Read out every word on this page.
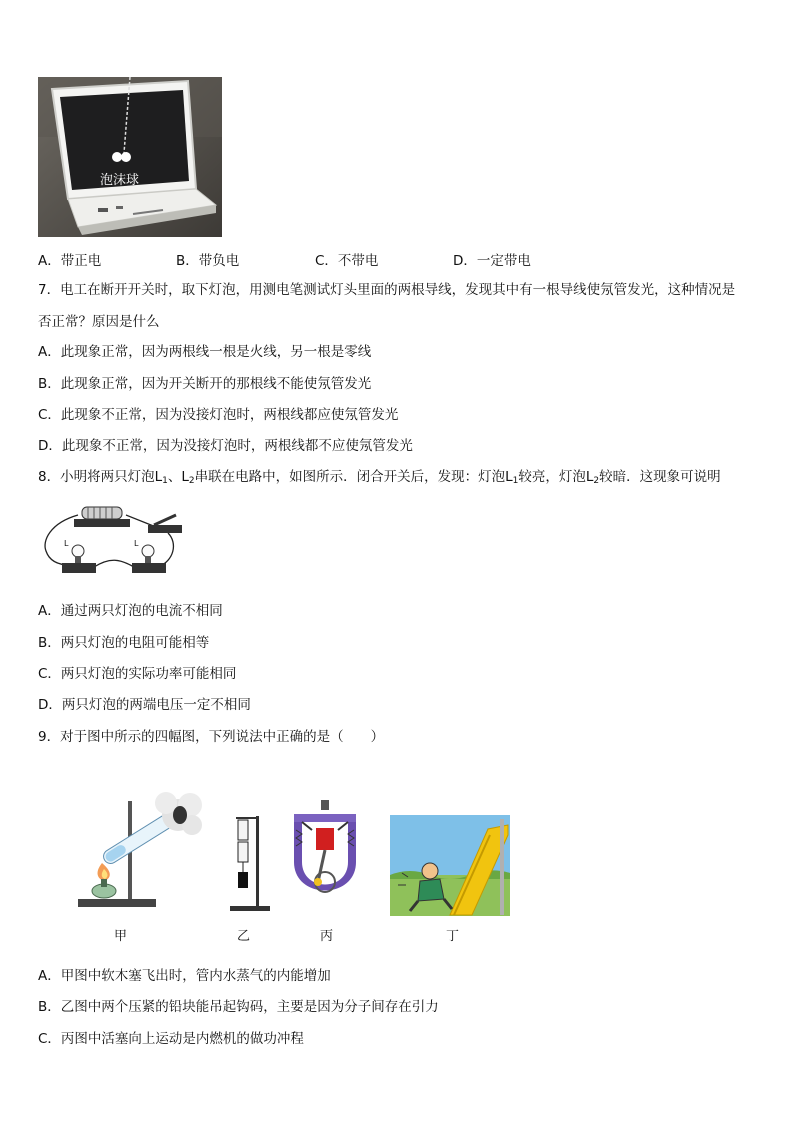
泡沫球
A．带正电	B．带负电	C．不带电	D．一定带电
7．电工在断开开关时，取下灯泡，用测电笔测试灯头里面的两根导线，发现其中有一根导线使氖管发光，这种情况是
否正常？原因是什么
A．此现象正常，因为两根线一根是火线，另一根是零线
B．此现象正常，因为开关断开的那根线不能使氖管发光
C．此现象不正常，因为没接灯泡时，两根线都应使氖管发光
D．此现象不正常，因为没接灯泡时，两根线都不应使氖管发光
8．小明将两只灯泡$L_1$、$L_2$串联在电路中，如图所示．闭合开关后，发现：灯泡$L_1$较亮，灯泡$L_2$较暗．这现象可说明
L	L
A．通过两只灯泡的电流不相同
B．两只灯泡的电阻可能相等
C．两只灯泡的实际功率可能相同
D．两只灯泡的两端电压一定不相同
9．对于图中所示的四幅图，下列说法中正确的是（　　）
甲	乙	丙	丁
A．甲图中软木塞飞出时，管内水蒸气的内能增加
B．乙图中两个压紧的铅块能吊起钩码，主要是因为分子间存在引力
C．丙图中活塞向上运动是内燃机的做功冲程
